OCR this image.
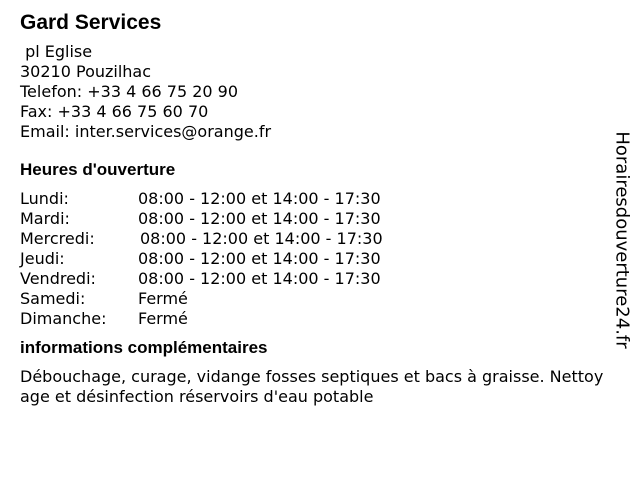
Gard Services
pl Eglise
30210 Pouzilhac
Telefon: +33 4 66 75 20 90
Fax: +33 4 66 75 60 70
Email: inter.services@orange.fr
Heures d'ouverture
Lundi:	08:00 - 12:00 et 14:00 - 17:30
Mardi:	08:00 - 12:00 et 14:00 - 17:30
Mercredi:	08:00 - 12:00 et 14:00 - 17:30
Jeudi:	08:00 - 12:00 et 14:00 - 17:30
Vendredi:	08:00 - 12:00 et 14:00 - 17:30
Samedi:	Fermé
Dimanche: Fermé
informations complémentaires
Débouchage, curage, vidange fosses septiques et bacs à graisse. Nettoyage et désinfection réservoirs d'eau potable
Horairesdouverture24.fr
